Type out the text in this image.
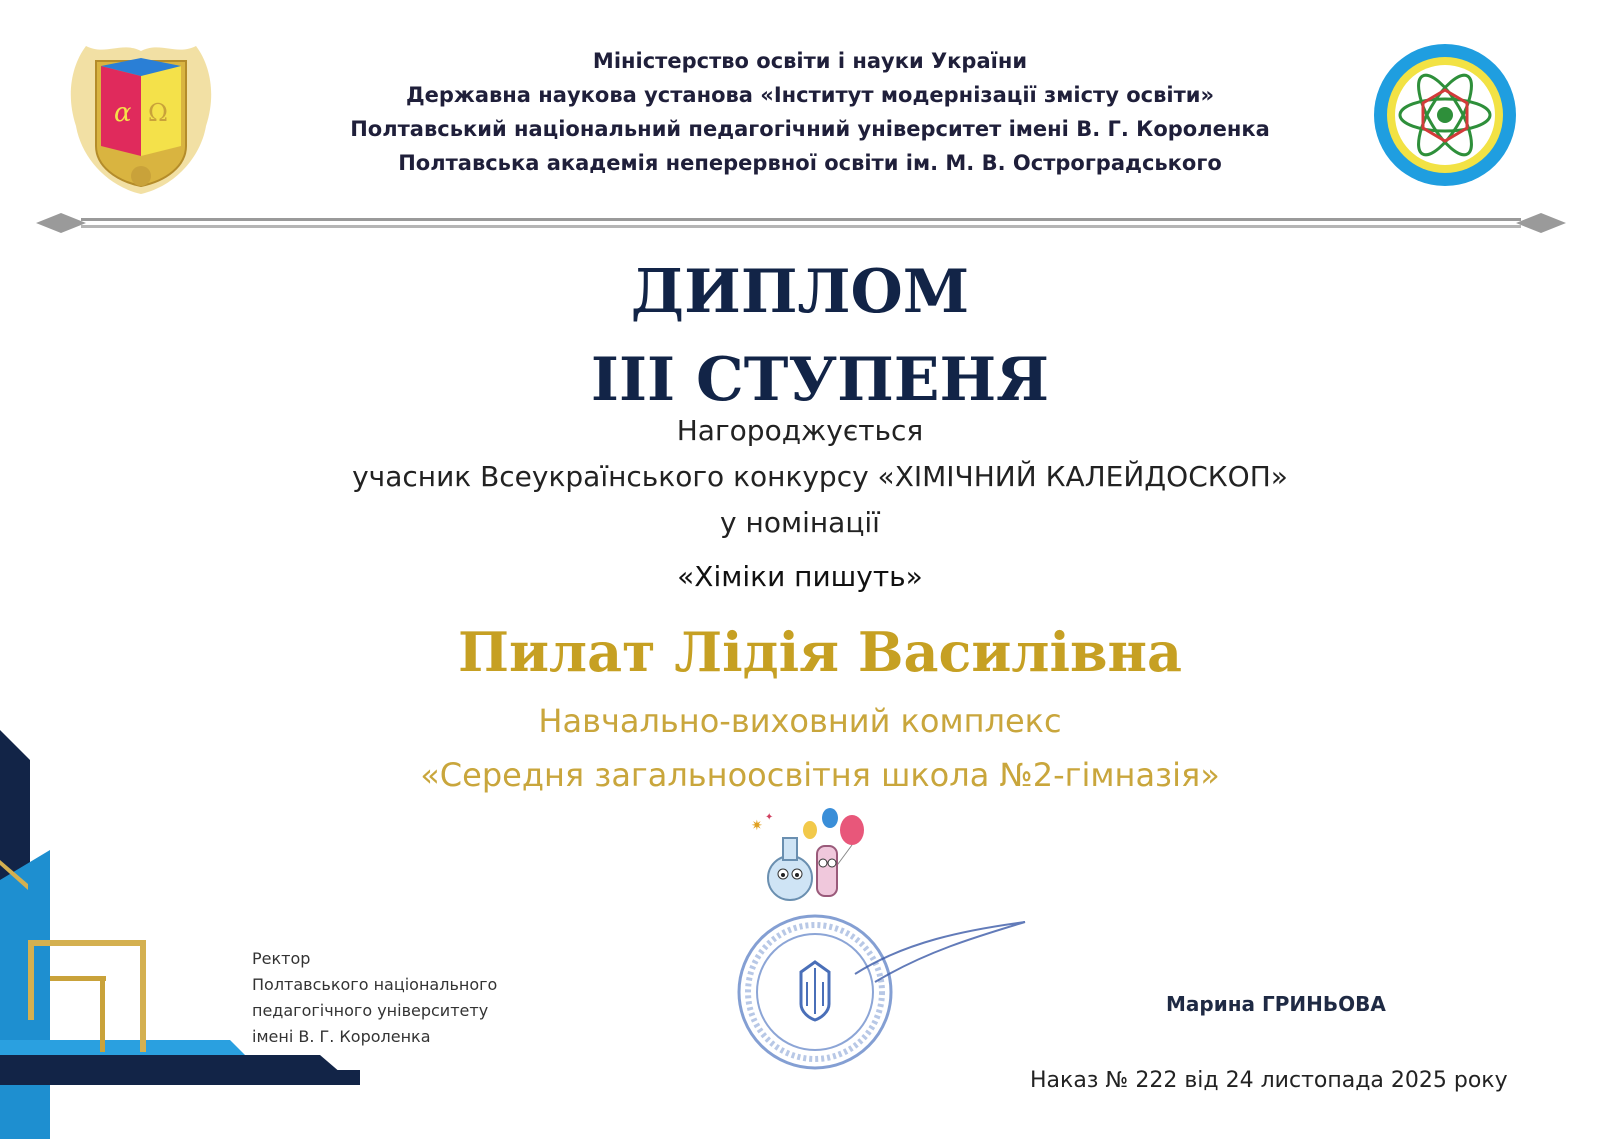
α Ω
Міністерство освіти і науки України
Державна наукова установа «Інститут модернізації змісту освіти»
Полтавський національний педагогічний університет імені В. Г. Короленка
Полтавська академія неперервної освіти ім. М. В. Остроградського
ДИПЛОМ
ІІІ СТУПЕНЯ
Нагороджується
учасник Всеукраїнського конкурсу «ХІМІЧНИЙ КАЛЕЙДОСКОП»
у номінації
«Хіміки пишуть»
Пилат Лідія Василівна
Навчально-виховний комплекс
«Середня загальноосвітня школа №2-гімназія»
✷
✦
Ректор
Полтавського національного
педагогічного університету
імені В. Г. Короленка
Марина ГРИНЬОВА
Наказ № 222 від 24 листопада 2025 року
